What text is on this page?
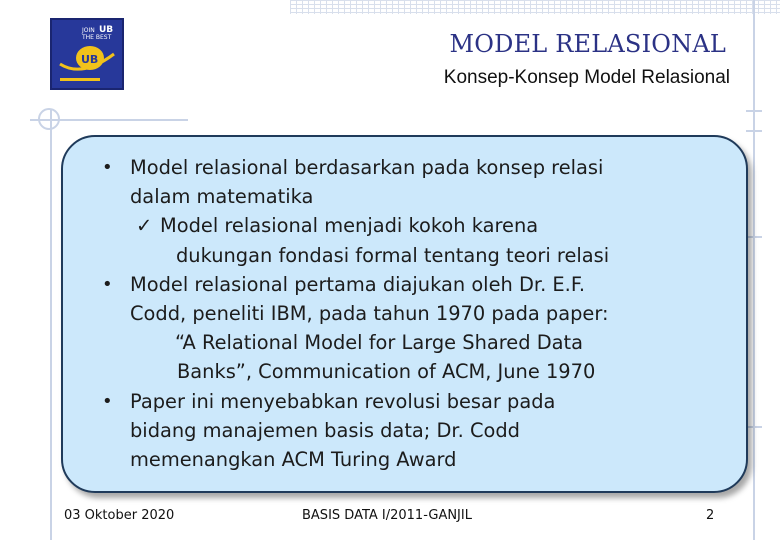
JOIN UB
THE BEST
UB
MODEL RELASIONAL
Konsep-Konsep Model Relasional
• Model relasional berdasarkan pada konsep relasi
dalam matematika
✓ Model relasional menjadi kokoh karena
dukungan fondasi formal tentang teori relasi
• Model relasional pertama diajukan oleh Dr. E.F.
Codd, peneliti IBM, pada tahun 1970 pada paper:
“A Relational Model for Large Shared Data
Banks”, Communication of ACM, June 1970
• Paper ini menyebabkan revolusi besar pada
bidang manajemen basis data; Dr. Codd
memenangkan ACM Turing Award
03 Oktober 2020	BASIS DATA I/2011-GANJIL	2
